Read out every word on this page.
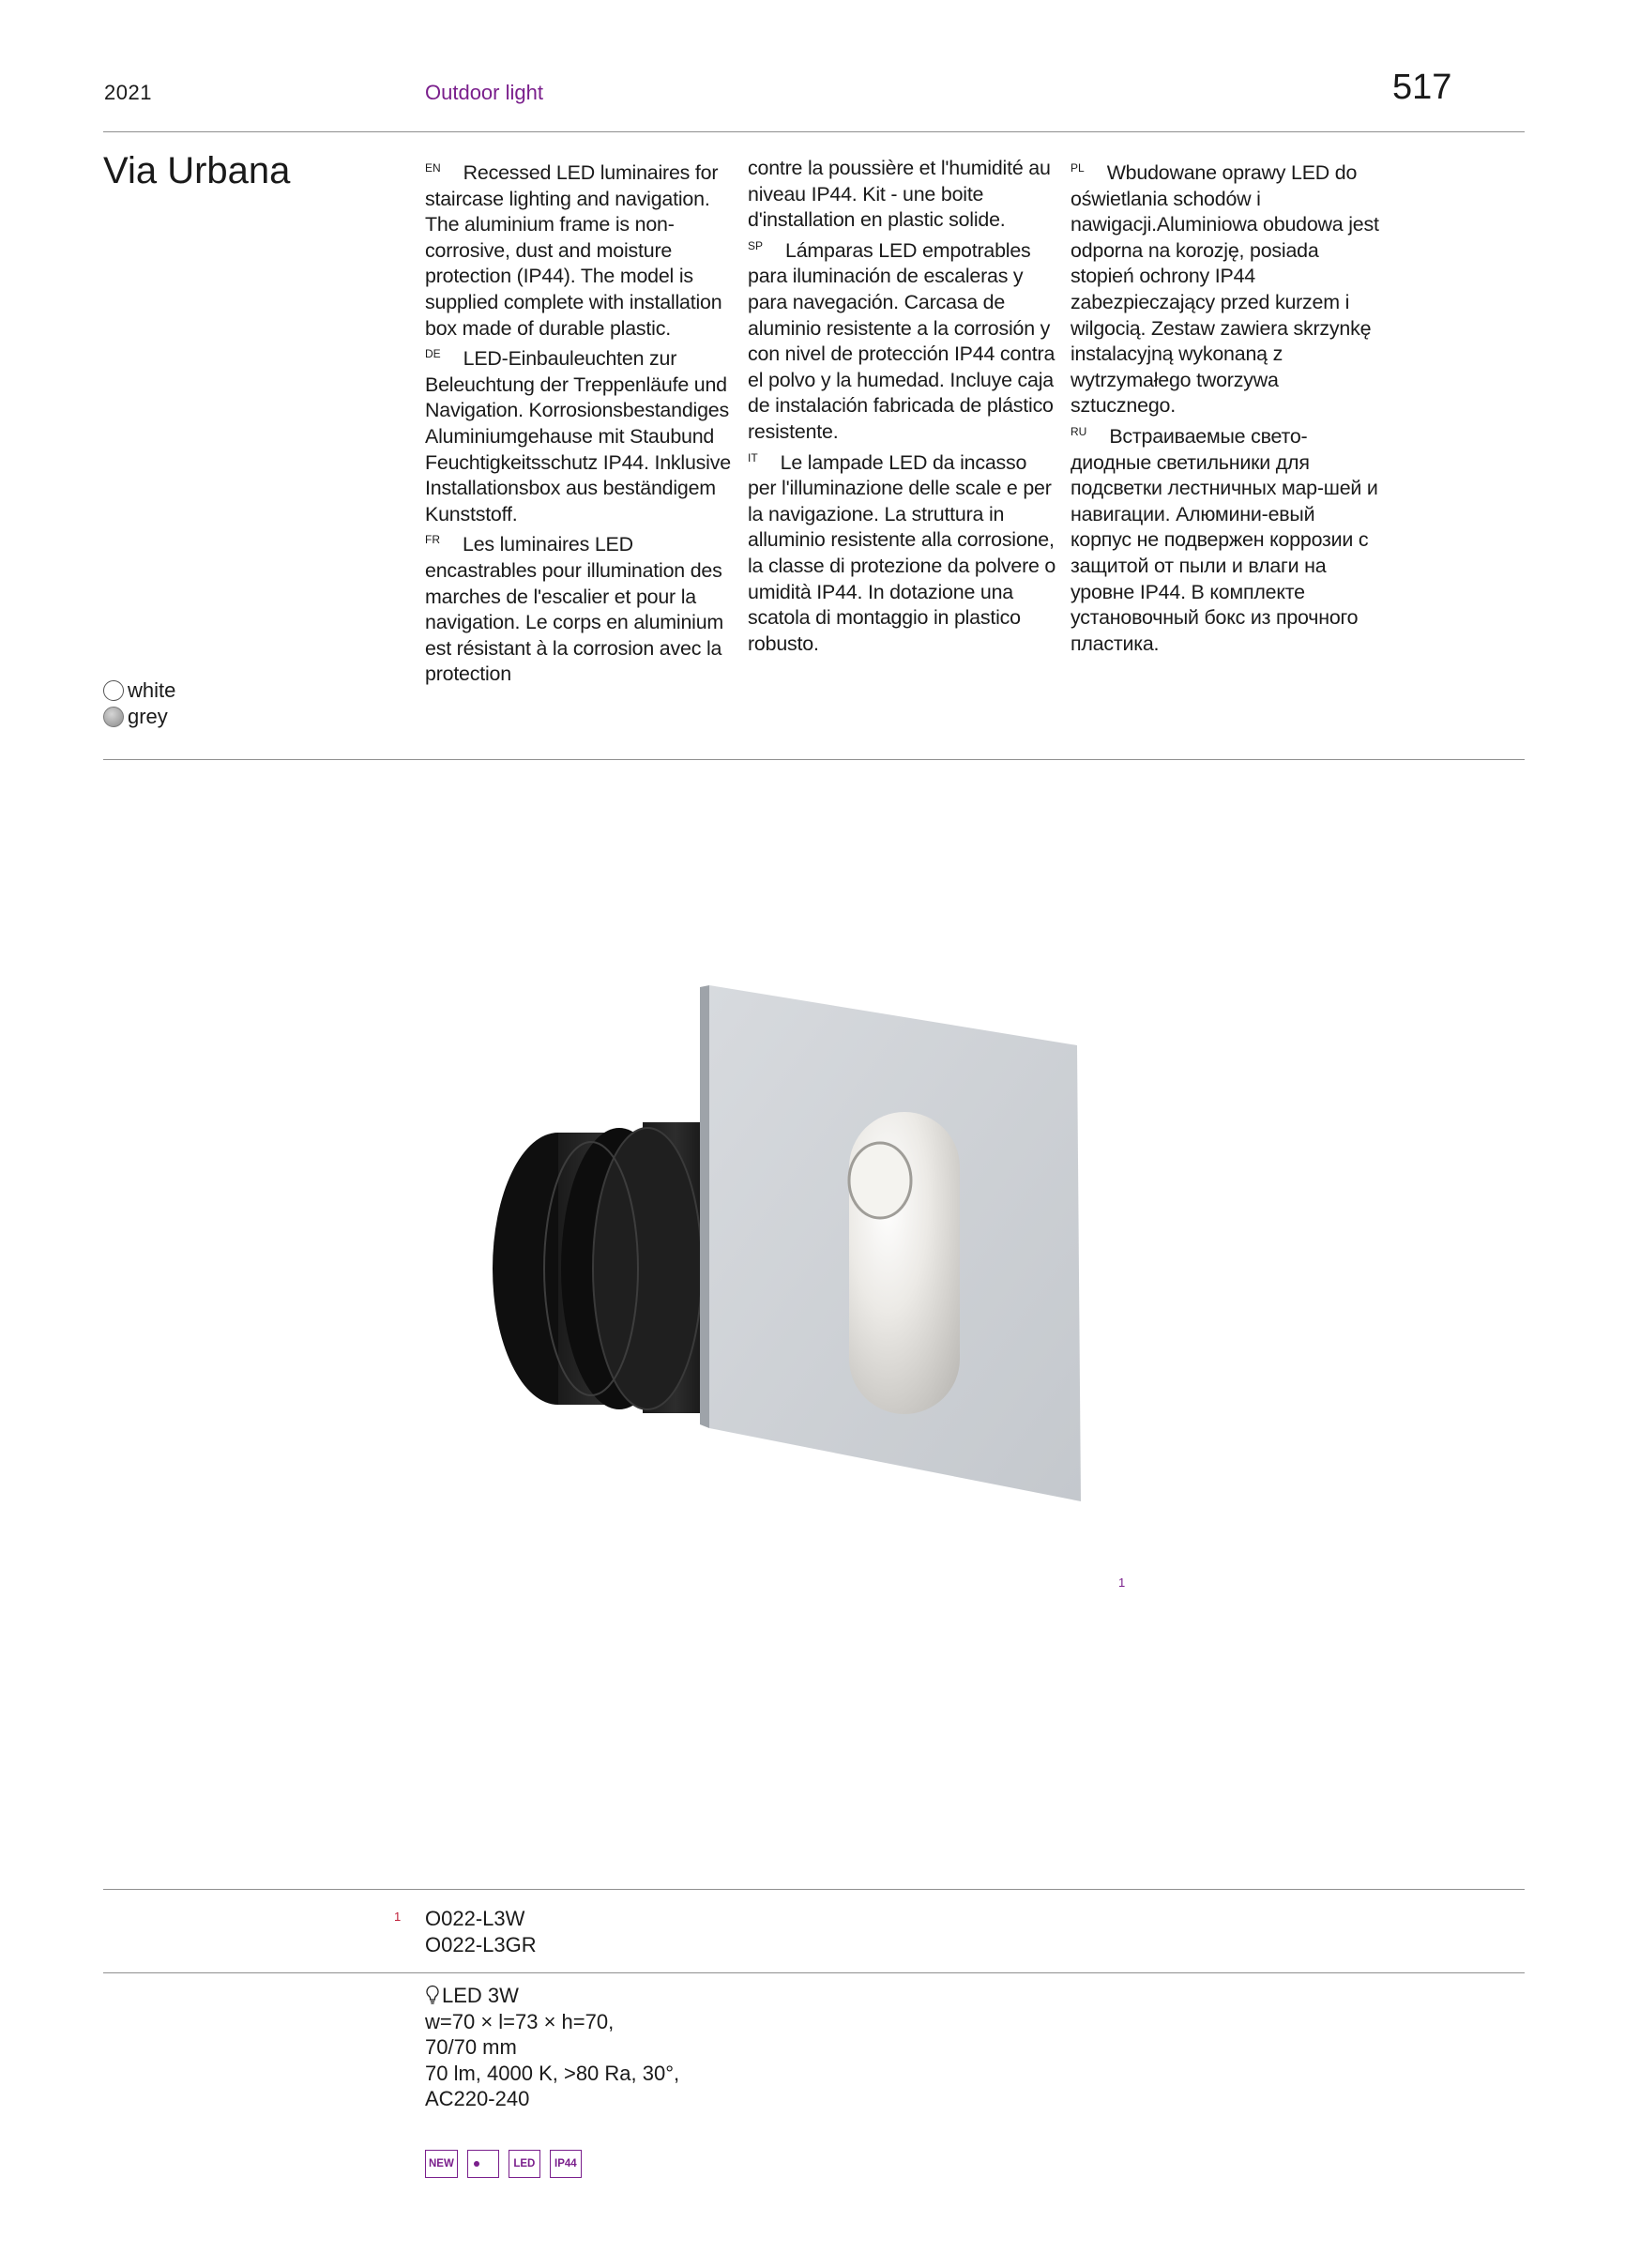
2021	Outdoor light	517
Via Urbana	$^{EN}$ Recessed LED luminaires for staircase lighting and navigation. The aluminium frame is non-corrosive, dust and moisture protection (IP44). The model is supplied complete with installation box made of durable plastic.

$^{DE}$ LED-Einbauleuchten zur Beleuchtung der Treppenläufe und Navigation. Korrosionsbestandiges Aluminiumgehause mit Staubund Feuchtigkeitsschutz IP44. Inklusive Installationsbox aus beständigem Kunststoff.

$^{FR}$ Les luminaires LED encastrables pour illumination des marches de l'escalier et pour la navigation. Le corps en aluminium est résistant à la corrosion avec la protection

contre la poussière et l'humidité au niveau IP44. Kit - une boite d'installation en plastic solide.

$^{SP}$ Lámparas LED empotrables para iluminación de escaleras y para navegación. Carcasa de aluminio resistente a la corrosión y con nivel de protección IP44 contra el polvo y la humedad. Incluye caja de instalación fabricada de plástico resistente.

$^{IT}$ Le lampade LED da incasso per l'illuminazione delle scale e per la navigazione. La struttura in alluminio resistente alla corrosione, la classe di protezione da polvere o umidità IP44. In dotazione una scatola di montaggio in plastico robusto.

$^{PL}$ Wbudowane oprawy LED do oświetlania schodów i nawigacji.Aluminiowa obudowa jest odporna na korozję, posiada stopień ochrony IP44 zabezpieczający przed kurzem i wilgocią. Zestaw zawiera skrzynkę instalacyjną wykonaną z wytrzymałego tworzywa sztucznego.

$^{RU}$ Встраиваемые свето-диодные светильники для подсветки лестничных мар-шей и навигации. Алюмини-евый корпус не подвержен коррозии с защитой от пыли и влаги на уровне IP44. В комплекте установочный бокс из прочного пластика.

white
grey
1
1 O022-L3W
O022-L3GR

LED 3W

w=70 × l=73 × h=70,

70/70 mm

70 lm, 4000 K, >80 Ra, 30°,

AC220-240

NEW	LED	IP44
